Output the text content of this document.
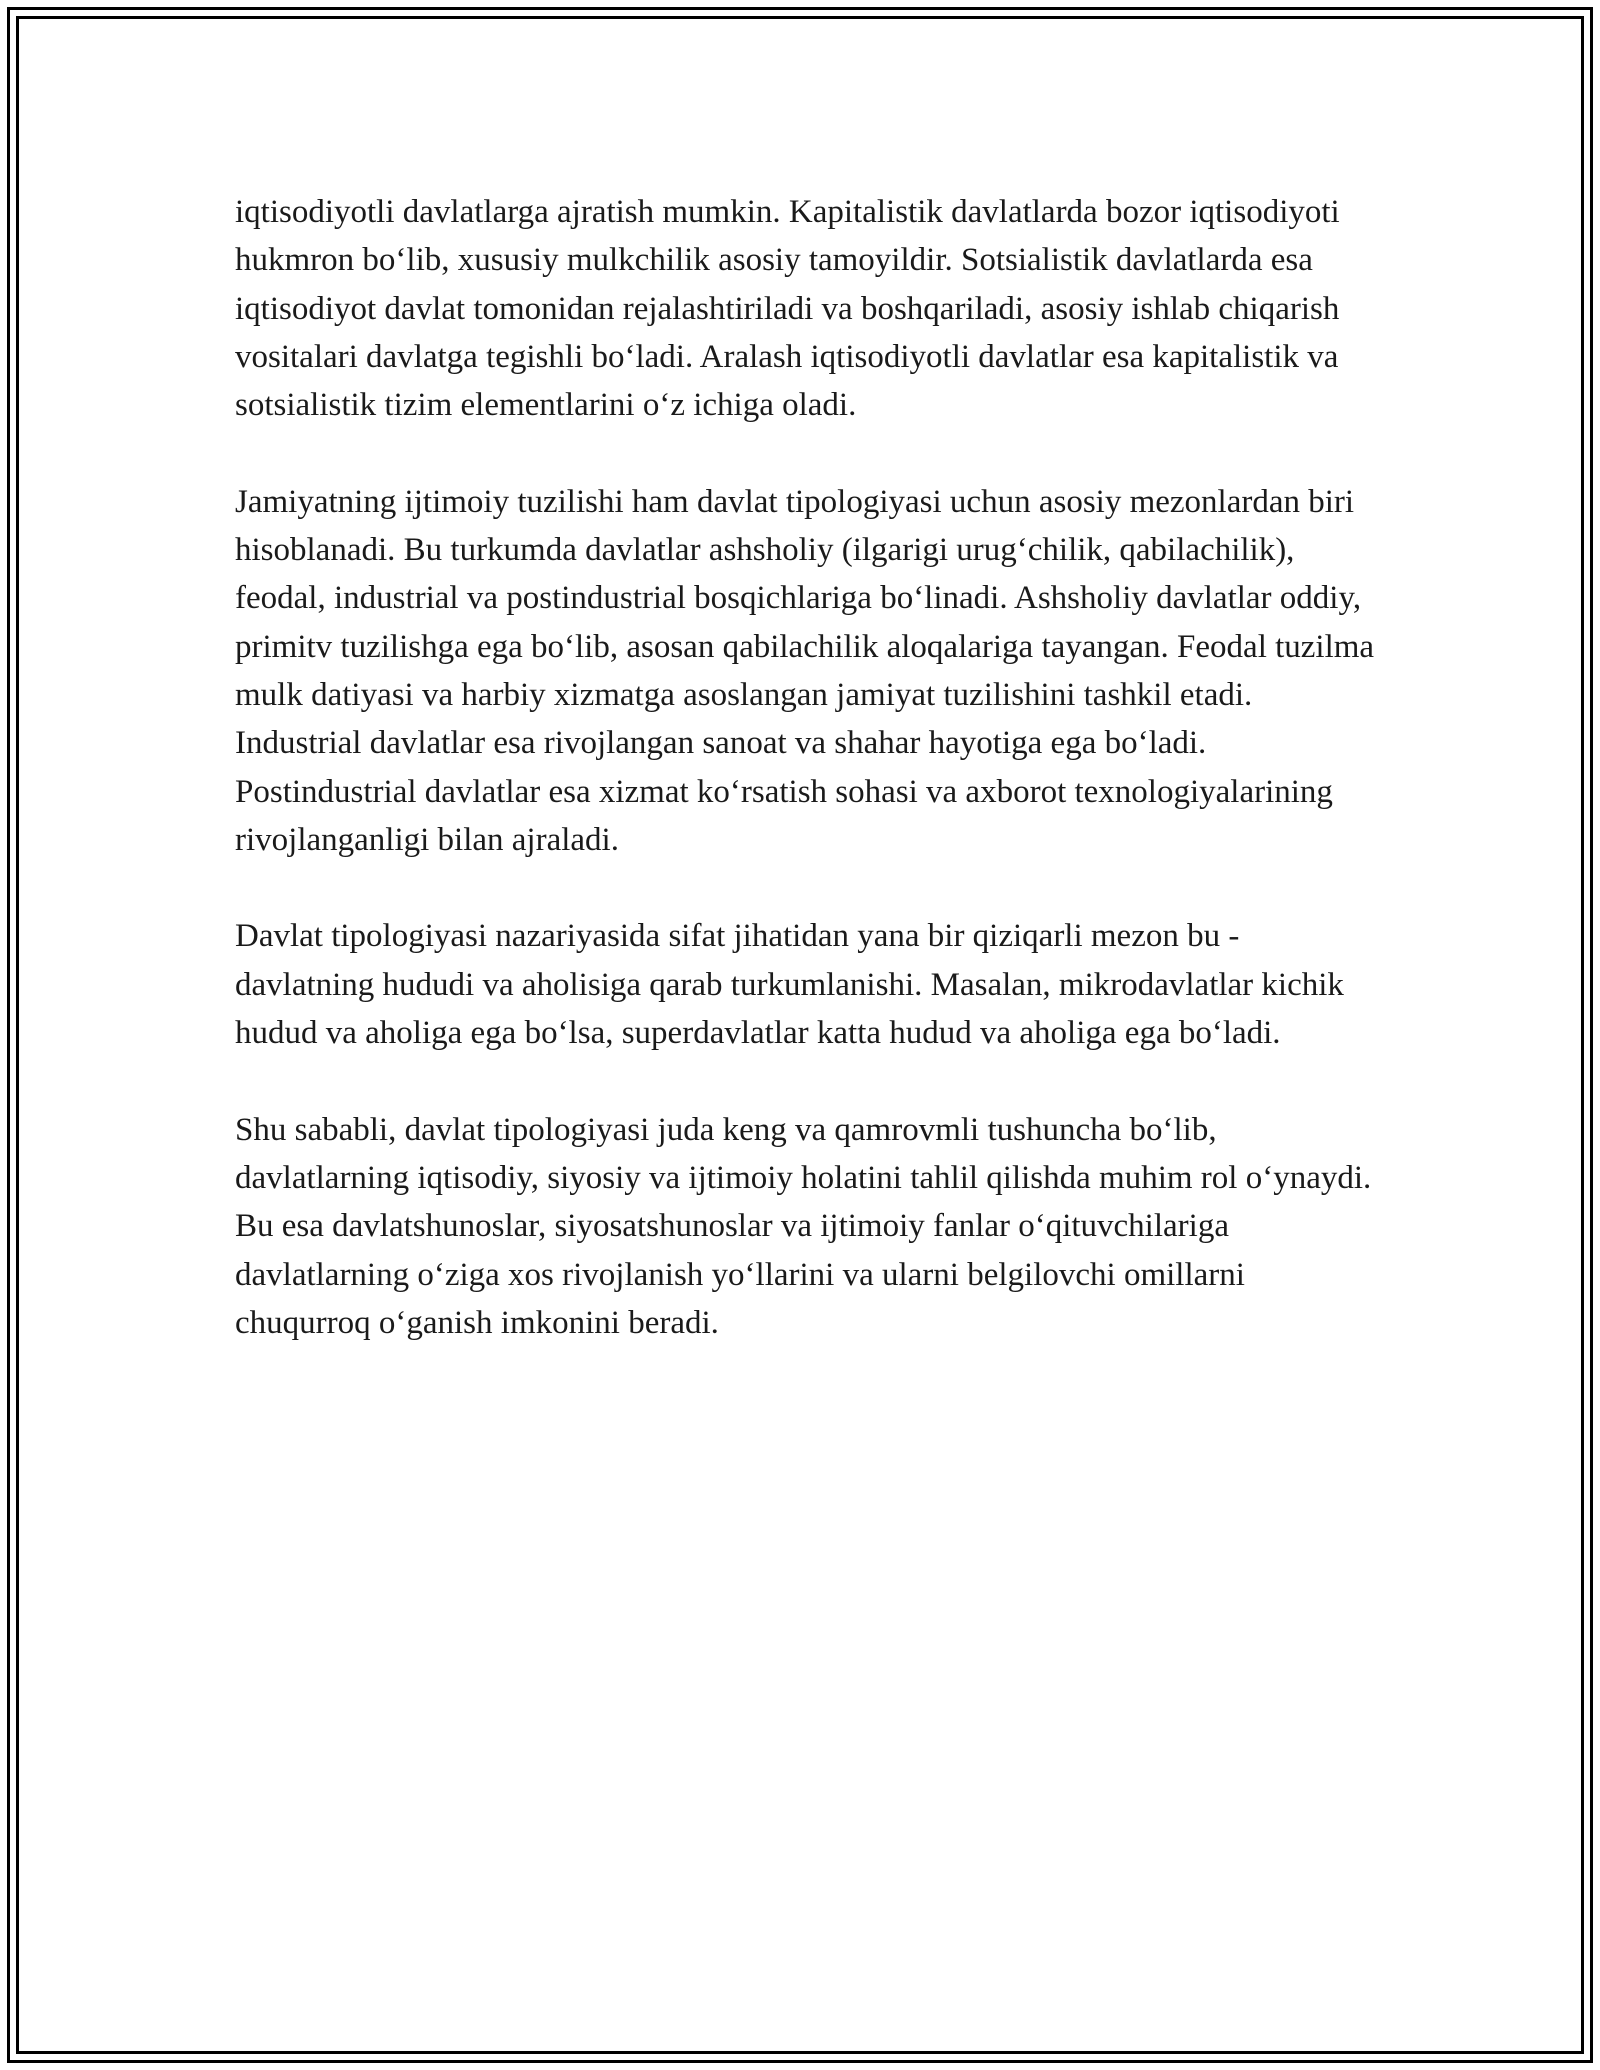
iqtisodiyotli davlatlarga ajratish mumkin. Kapitalistik davlatlarda bozor iqtisodiyoti hukmron bo‘lib, xususiy mulkchilik asosiy tamoyildir. Sotsialistik davlatlarda esa iqtisodiyot davlat tomonidan rejalashtiriladi va boshqariladi, asosiy ishlab chiqarish vositalari davlatga tegishli bo‘ladi. Aralash iqtisodiyotli davlatlar esa kapitalistik va sotsialistik tizim elementlarini o‘z ichiga oladi.

Jamiyatning ijtimoiy tuzilishi ham davlat tipologiyasi uchun asosiy mezonlardan biri hisoblanadi. Bu turkumda davlatlar ashsholiy (ilgarigi urug‘chilik, qabilachilik), feodal, industrial va postindustrial bosqichlariga bo‘linadi. Ashsholiy davlatlar oddiy, primitv tuzilishga ega bo‘lib, asosan qabilachilik aloqalariga tayangan. Feodal tuzilma mulk datiyasi va harbiy xizmatga asoslangan jamiyat tuzilishini tashkil etadi. Industrial davlatlar esa rivojlangan sanoat va shahar hayotiga ega bo‘ladi. Postindustrial davlatlar esa xizmat ko‘rsatish sohasi va axborot texnologiyalarining rivojlanganligi bilan ajraladi.

Davlat tipologiyasi nazariyasida sifat jihatidan yana bir qiziqarli mezon bu - davlatning hududi va aholisiga qarab turkumlanishi. Masalan, mikrodavlatlar kichik hudud va aholiga ega bo‘lsa, superdavlatlar katta hudud va aholiga ega bo‘ladi.

Shu sababli, davlat tipologiyasi juda keng va qamrovmli tushuncha bo‘lib, davlatlarning iqtisodiy, siyosiy va ijtimoiy holatini tahlil qilishda muhim rol o‘ynaydi. Bu esa davlatshunoslar, siyosatshunoslar va ijtimoiy fanlar o‘qituvchilariga davlatlarning o‘ziga xos rivojlanish yo‘llarini va ularni belgilovchi omillarni chuqurroq o‘ganish imkonini beradi.
